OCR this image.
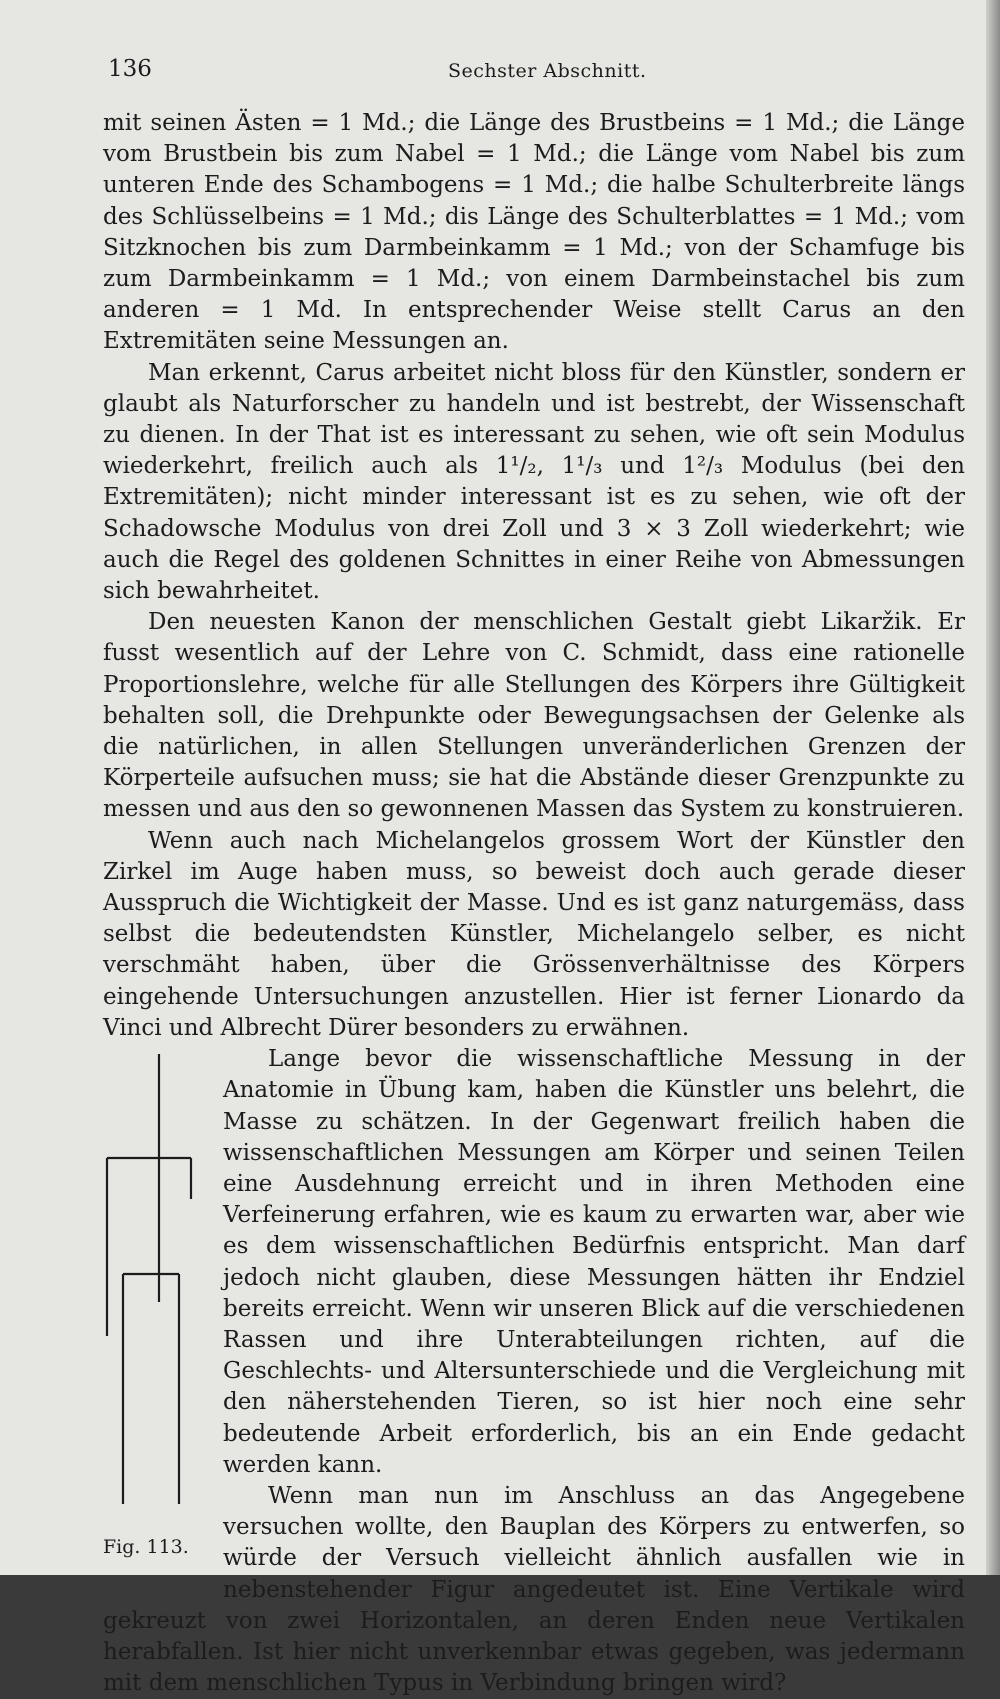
136	Sechster Abschnitt.

mit seinen Ästen = 1 Md.; die Länge des Brustbeins = 1 Md.; die Länge vom Brustbein bis zum Nabel = 1 Md.; die Länge vom Nabel bis zum unteren Ende des Schambogens = 1 Md.; die halbe Schulterbreite längs des Schlüsselbeins = 1 Md.; dis Länge des Schulterblattes = 1 Md.; vom Sitzknochen bis zum Darmbeinkamm = 1 Md.; von der Schamfuge bis zum Darmbeinkamm = 1 Md.; von einem Darmbeinstachel bis zum anderen = 1 Md. In entsprechender Weise stellt Carus an den Extremitäten seine Messungen an.

Man erkennt, Carus arbeitet nicht bloss für den Künstler, sondern er glaubt als Naturforscher zu handeln und ist bestrebt, der Wissenschaft zu dienen. In der That ist es interessant zu sehen, wie oft sein Modulus wiederkehrt, freilich auch als 1¹/₂, 1¹/₃ und 1²/₃ Modulus (bei den Extremitäten); nicht minder interessant ist es zu sehen, wie oft der Schadowsche Modulus von drei Zoll und 3 × 3 Zoll wiederkehrt; wie auch die Regel des goldenen Schnittes in einer Reihe von Abmessungen sich bewahrheitet.

Den neuesten Kanon der menschlichen Gestalt giebt Likaržik. Er fusst wesentlich auf der Lehre von C. Schmidt, dass eine rationelle Proportionslehre, welche für alle Stellungen des Körpers ihre Gültigkeit behalten soll, die Drehpunkte oder Bewegungsachsen der Gelenke als die natürlichen, in allen Stellungen unveränderlichen Grenzen der Körperteile aufsuchen muss; sie hat die Abstände dieser Grenzpunkte zu messen und aus den so gewonnenen Massen das System zu konstruieren.

Wenn auch nach Michelangelos grossem Wort der Künstler den Zirkel im Auge haben muss, so beweist doch auch gerade dieser Ausspruch die Wichtigkeit der Masse. Und es ist ganz naturgemäss, dass selbst die bedeutendsten Künstler, Michelangelo selber, es nicht verschmäht haben, über die Grössenverhältnisse des Körpers eingehende Untersuchungen anzustellen. Hier ist ferner Lionardo da Vinci und Albrecht Dürer besonders zu erwähnen.

Fig. 113.

Lange bevor die wissenschaftliche Messung in der Anatomie in Übung kam, haben die Künstler uns belehrt, die Masse zu schätzen. In der Gegenwart freilich haben die wissenschaftlichen Messungen am Körper und seinen Teilen eine Ausdehnung erreicht und in ihren Methoden eine Verfeinerung erfahren, wie es kaum zu erwarten war, aber wie es dem wissenschaftlichen Bedürfnis entspricht. Man darf jedoch nicht glauben, diese Messungen hätten ihr Endziel bereits erreicht. Wenn wir unseren Blick auf die verschiedenen Rassen und ihre Unterabteilungen richten, auf die Geschlechts- und Altersunterschiede und die Vergleichung mit den näherstehenden Tieren, so ist hier noch eine sehr bedeutende Arbeit erforderlich, bis an ein Ende gedacht werden kann.

Wenn man nun im Anschluss an das Angegebene versuchen wollte, den Bauplan des Körpers zu entwerfen, so würde der Versuch vielleicht ähnlich ausfallen wie in nebenstehender Figur angedeutet ist. Eine Vertikale wird gekreuzt von zwei Horizontalen, an deren Enden neue Vertikalen herabfallen. Ist hier nicht unverkennbar etwas gegeben, was jedermann mit dem menschlichen Typus in Verbindung bringen wird?
